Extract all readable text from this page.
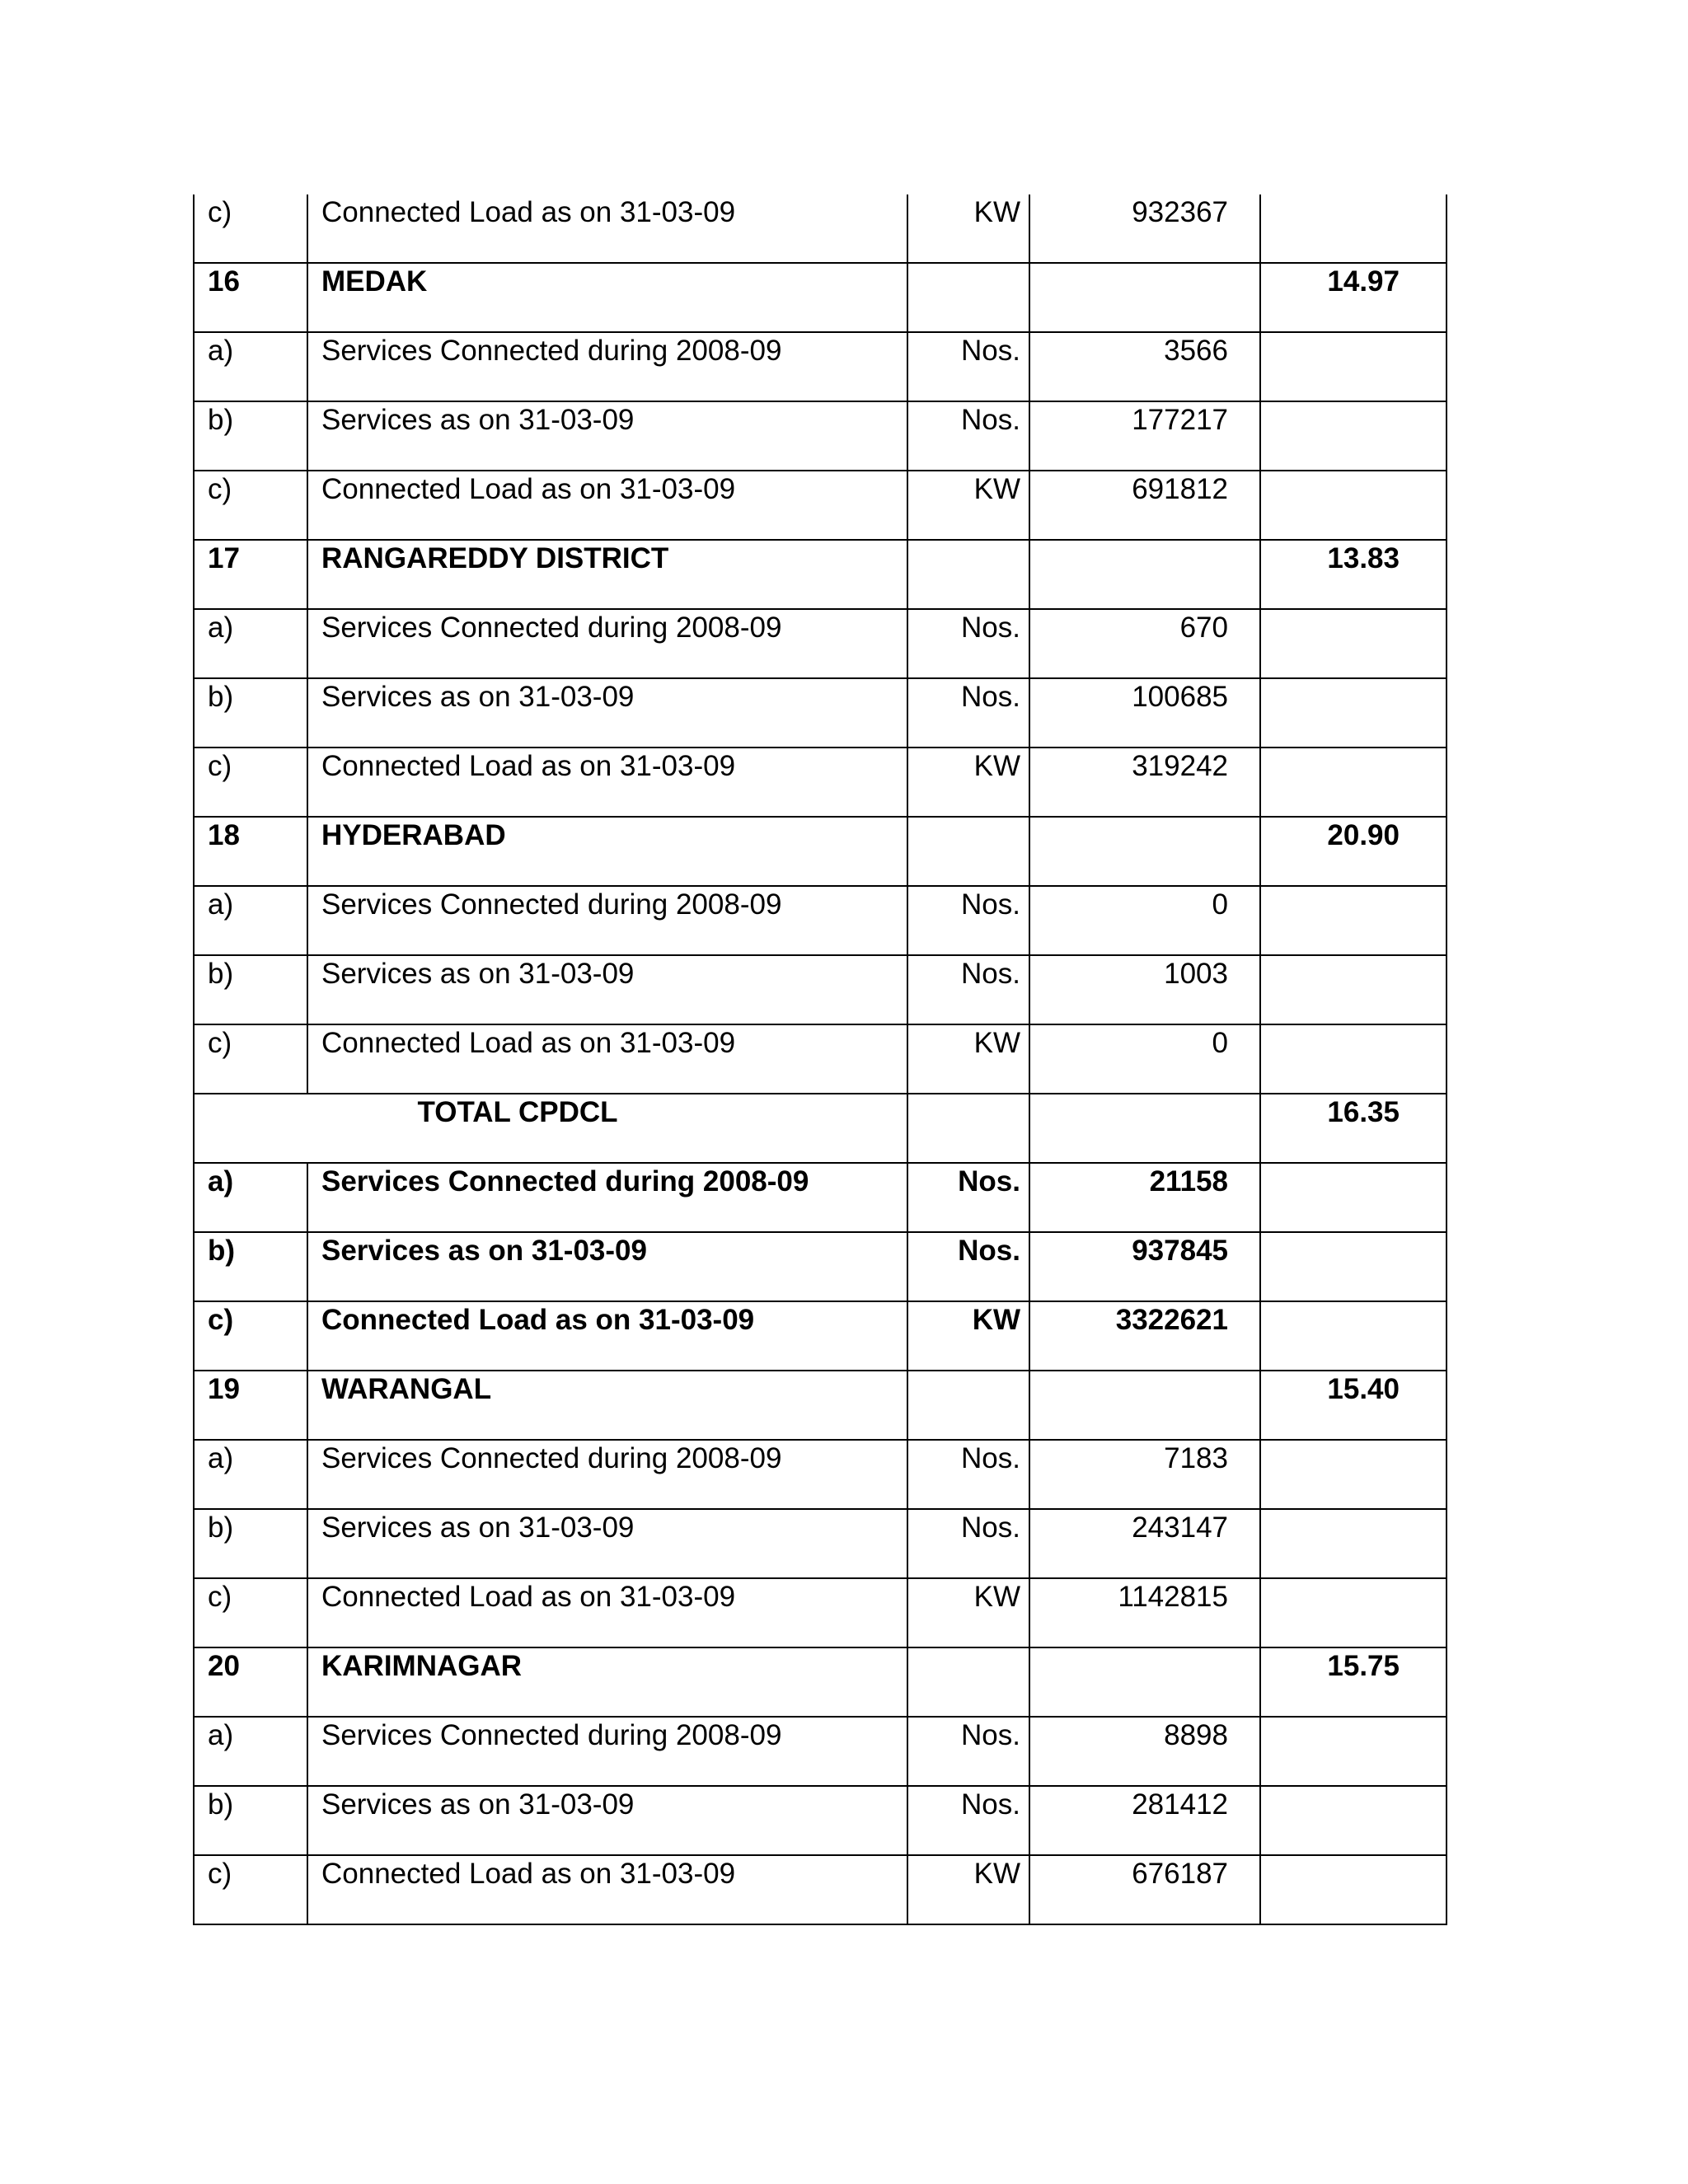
c)	Connected Load as on 31-03-09	KW	932367	

16	MEDAK			14.97

a)	Services Connected during 2008-09	Nos.	3566	

b)	Services as on 31-03-09	Nos.	177217	

c)	Connected Load as on 31-03-09	KW	691812	

17	RANGAREDDY DISTRICT			13.83

a)	Services Connected during 2008-09	Nos.	670	

b)	Services as on 31-03-09	Nos.	100685	

c)	Connected Load as on 31-03-09	KW	319242	

18	HYDERABAD			20.90

a)	Services Connected during 2008-09	Nos.	0	

b)	Services as on 31-03-09	Nos.	1003	

c)	Connected Load as on 31-03-09	KW	0	

TOTAL CPDCL				16.35

a)	Services Connected during 2008-09	Nos.	21158	

b)	Services as on 31-03-09	Nos.	937845	

c)	Connected Load as on 31-03-09	KW	3322621	

19	WARANGAL			15.40

a)	Services Connected during 2008-09	Nos.	7183	

b)	Services as on 31-03-09	Nos.	243147	

c)	Connected Load as on 31-03-09	KW	1142815	

20	KARIMNAGAR			15.75

a)	Services Connected during 2008-09	Nos.	8898	

b)	Services as on 31-03-09	Nos.	281412	

c)	Connected Load as on 31-03-09	KW	676187	
